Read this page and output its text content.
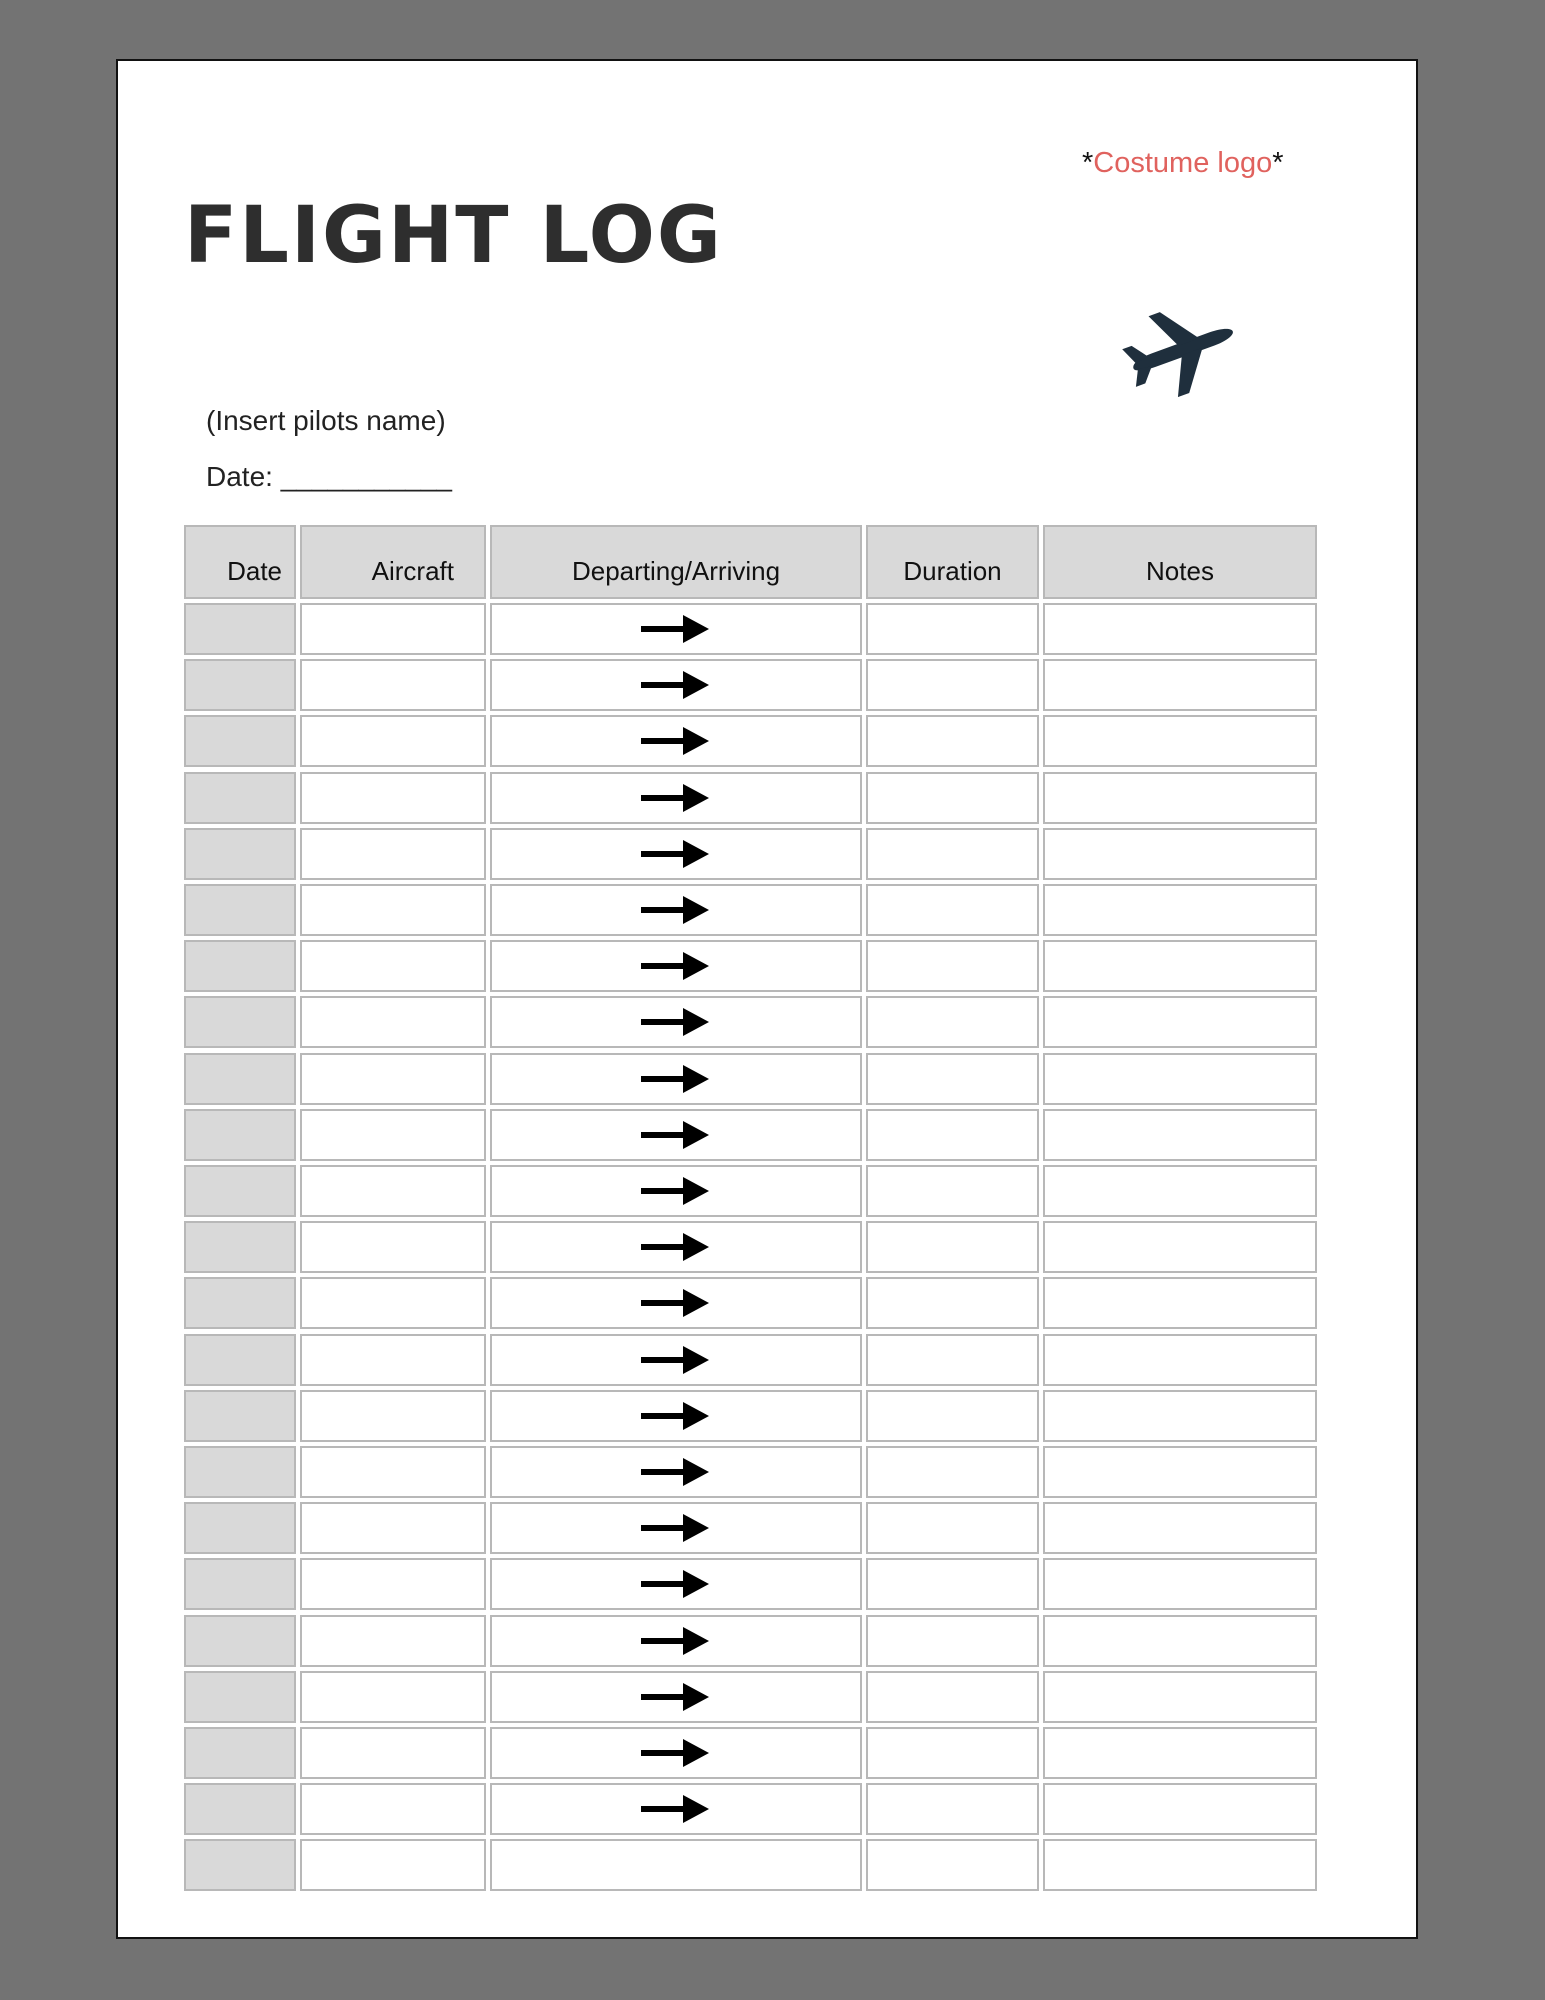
*Costume logo*
FLIGHT LOG
(Insert pilots name)
Date: ___________
Date	Aircraft	Departing/Arriving	Duration	Notes
